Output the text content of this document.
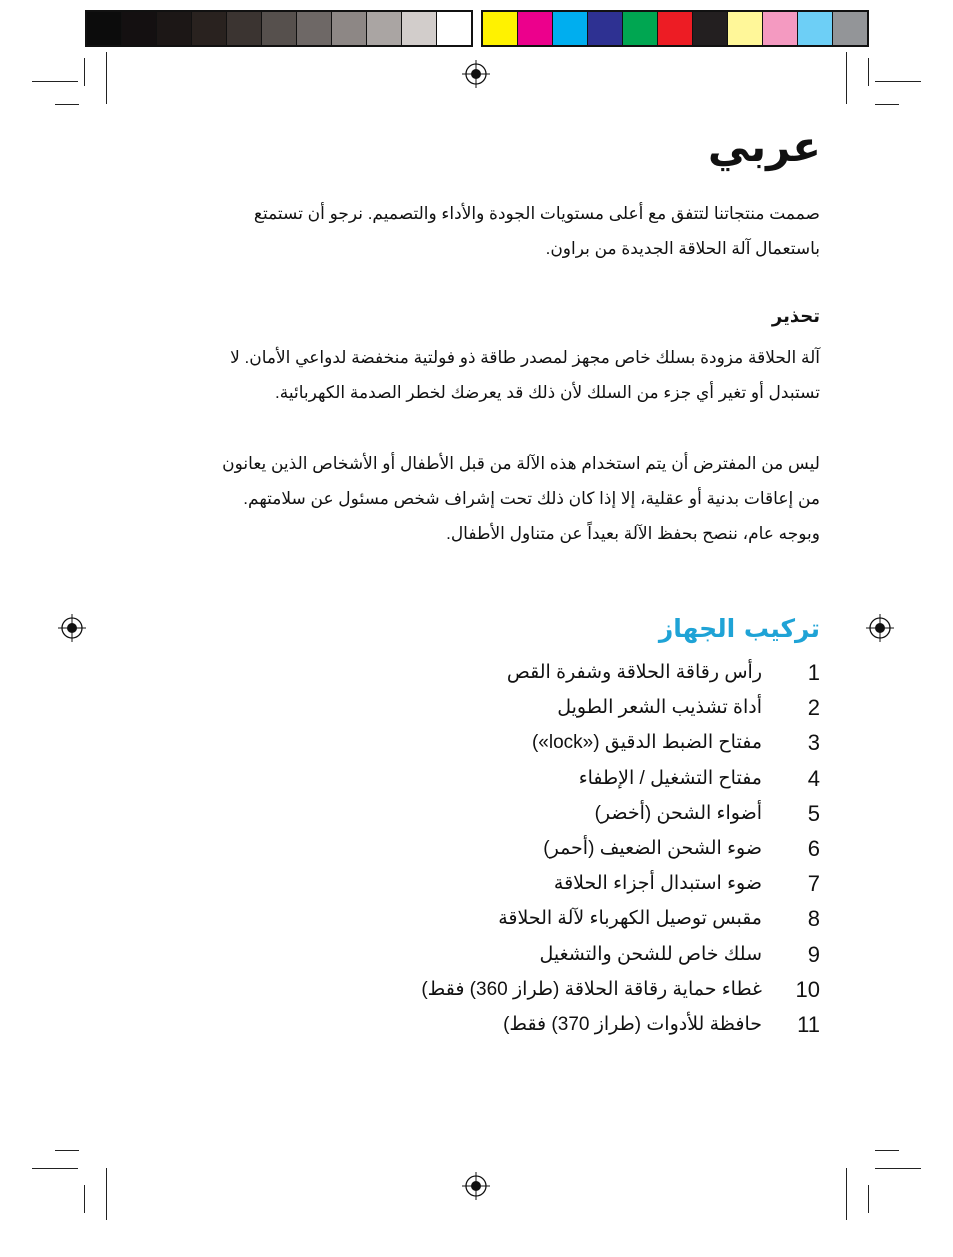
عربي
صممت منتجاتنا لتتفق مع أعلى مستويات الجودة والأداء والتصميم. نرجو أن تستمتع
باستعمال آلة الحلاقة الجديدة من براون.
تحذير
آلة الحلاقة مزودة بسلك خاص مجهز لمصدر طاقة ذو فولتية منخفضة لدواعي الأمان. لا
تستبدل أو تغير أي جزء من السلك لأن ذلك قد يعرضك لخطر الصدمة الكهربائية.
ليس من المفترض أن يتم استخدام هذه الآلة من قبل الأطفال أو الأشخاص الذين يعانون
من إعاقات بدنية أو عقلية، إلا إذا كان ذلك تحت إشراف شخص مسئول عن سلامتهم.
وبوجه عام، ننصح بحفظ الآلة بعيداً عن متناول الأطفال.
تركيب الجهاز
1
رأس رقاقة الحلاقة وشفرة القص
2
أداة تشذيب الشعر الطويل
3
مفتاح الضبط الدقيق («lock»)
4
مفتاح التشغيل / الإطفاء
5
أضواء الشحن (أخضر)
6
ضوء الشحن الضعيف (أحمر)
7
ضوء استبدال أجزاء الحلاقة
8
مقبس توصيل الكهرباء لآلة الحلاقة
9
سلك خاص للشحن والتشغيل
10
غطاء حماية رقاقة الحلاقة (طراز 360) فقط)
11
حافظة للأدوات (طراز 370) فقط)
